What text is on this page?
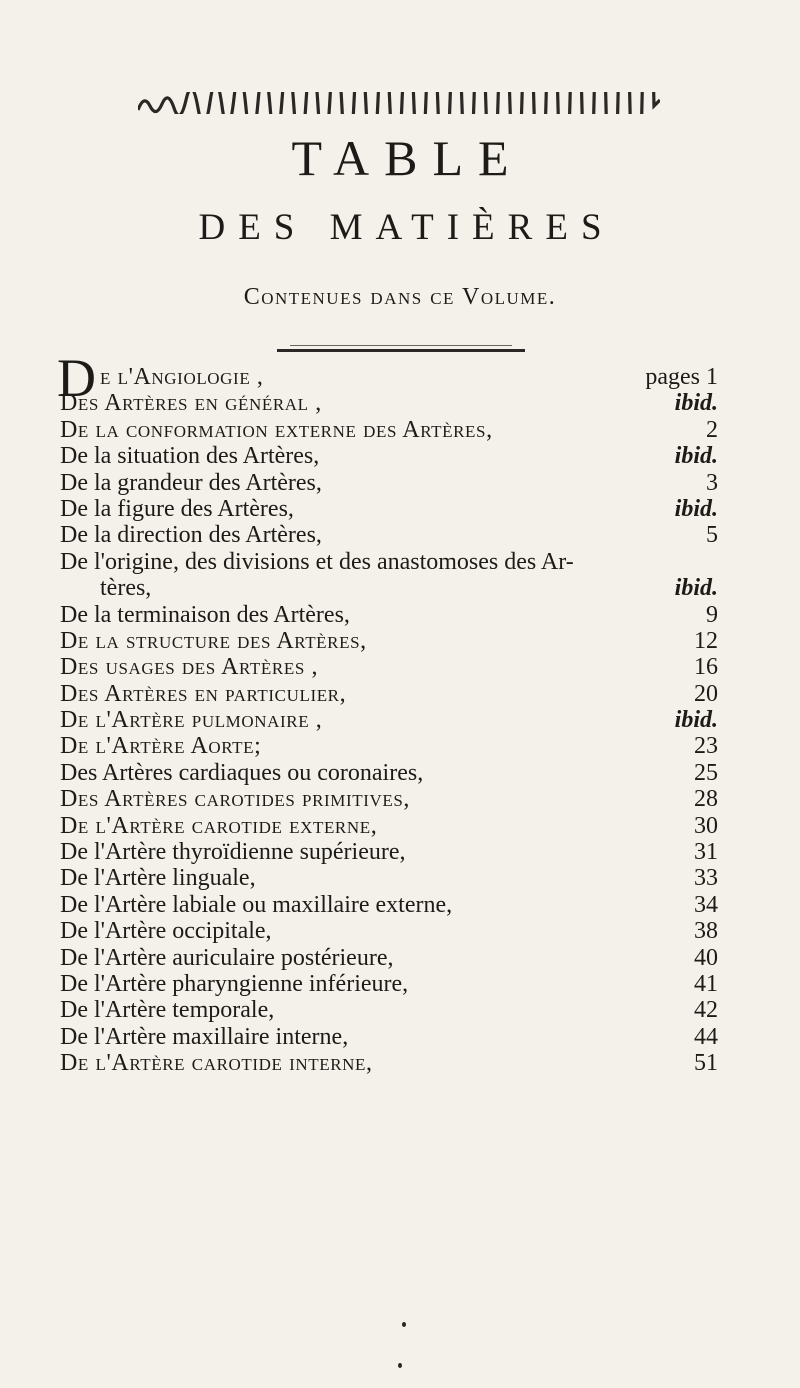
TABLE
DES MATIÈRES
Contenues dans ce Volume.
D e l'Angiologie ,	pages 1
Des Artères en général ,	ibid.
De la conformation externe des Artères,	2
De la situation des Artères,	ibid.
De la grandeur des Artères,	3
De la figure des Artères,	ibid.
De la direction des Artères,	5
De l'origine, des divisions et des anastomoses des Ar-
tères,	ibid.
De la terminaison des Artères,	9
De la structure des Artères,	12
Des usages des Artères ,	16
Des Artères en particulier,	20
De l'Artère pulmonaire ,	ibid.
De l'Artère Aorte;	23
Des Artères cardiaques ou coronaires,	25
Des Artères carotides primitives,	28
De l'Artère carotide externe,	30
De l'Artère thyroïdienne supérieure,	31
De l'Artère linguale,	33
De l'Artère labiale ou maxillaire externe,	34
De l'Artère occipitale,	38
De l'Artère auriculaire postérieure,	40
De l'Artère pharyngienne inférieure,	41
De l'Artère temporale,	42
De l'Artère maxillaire interne,	44
De l'Artère carotide interne,	51
